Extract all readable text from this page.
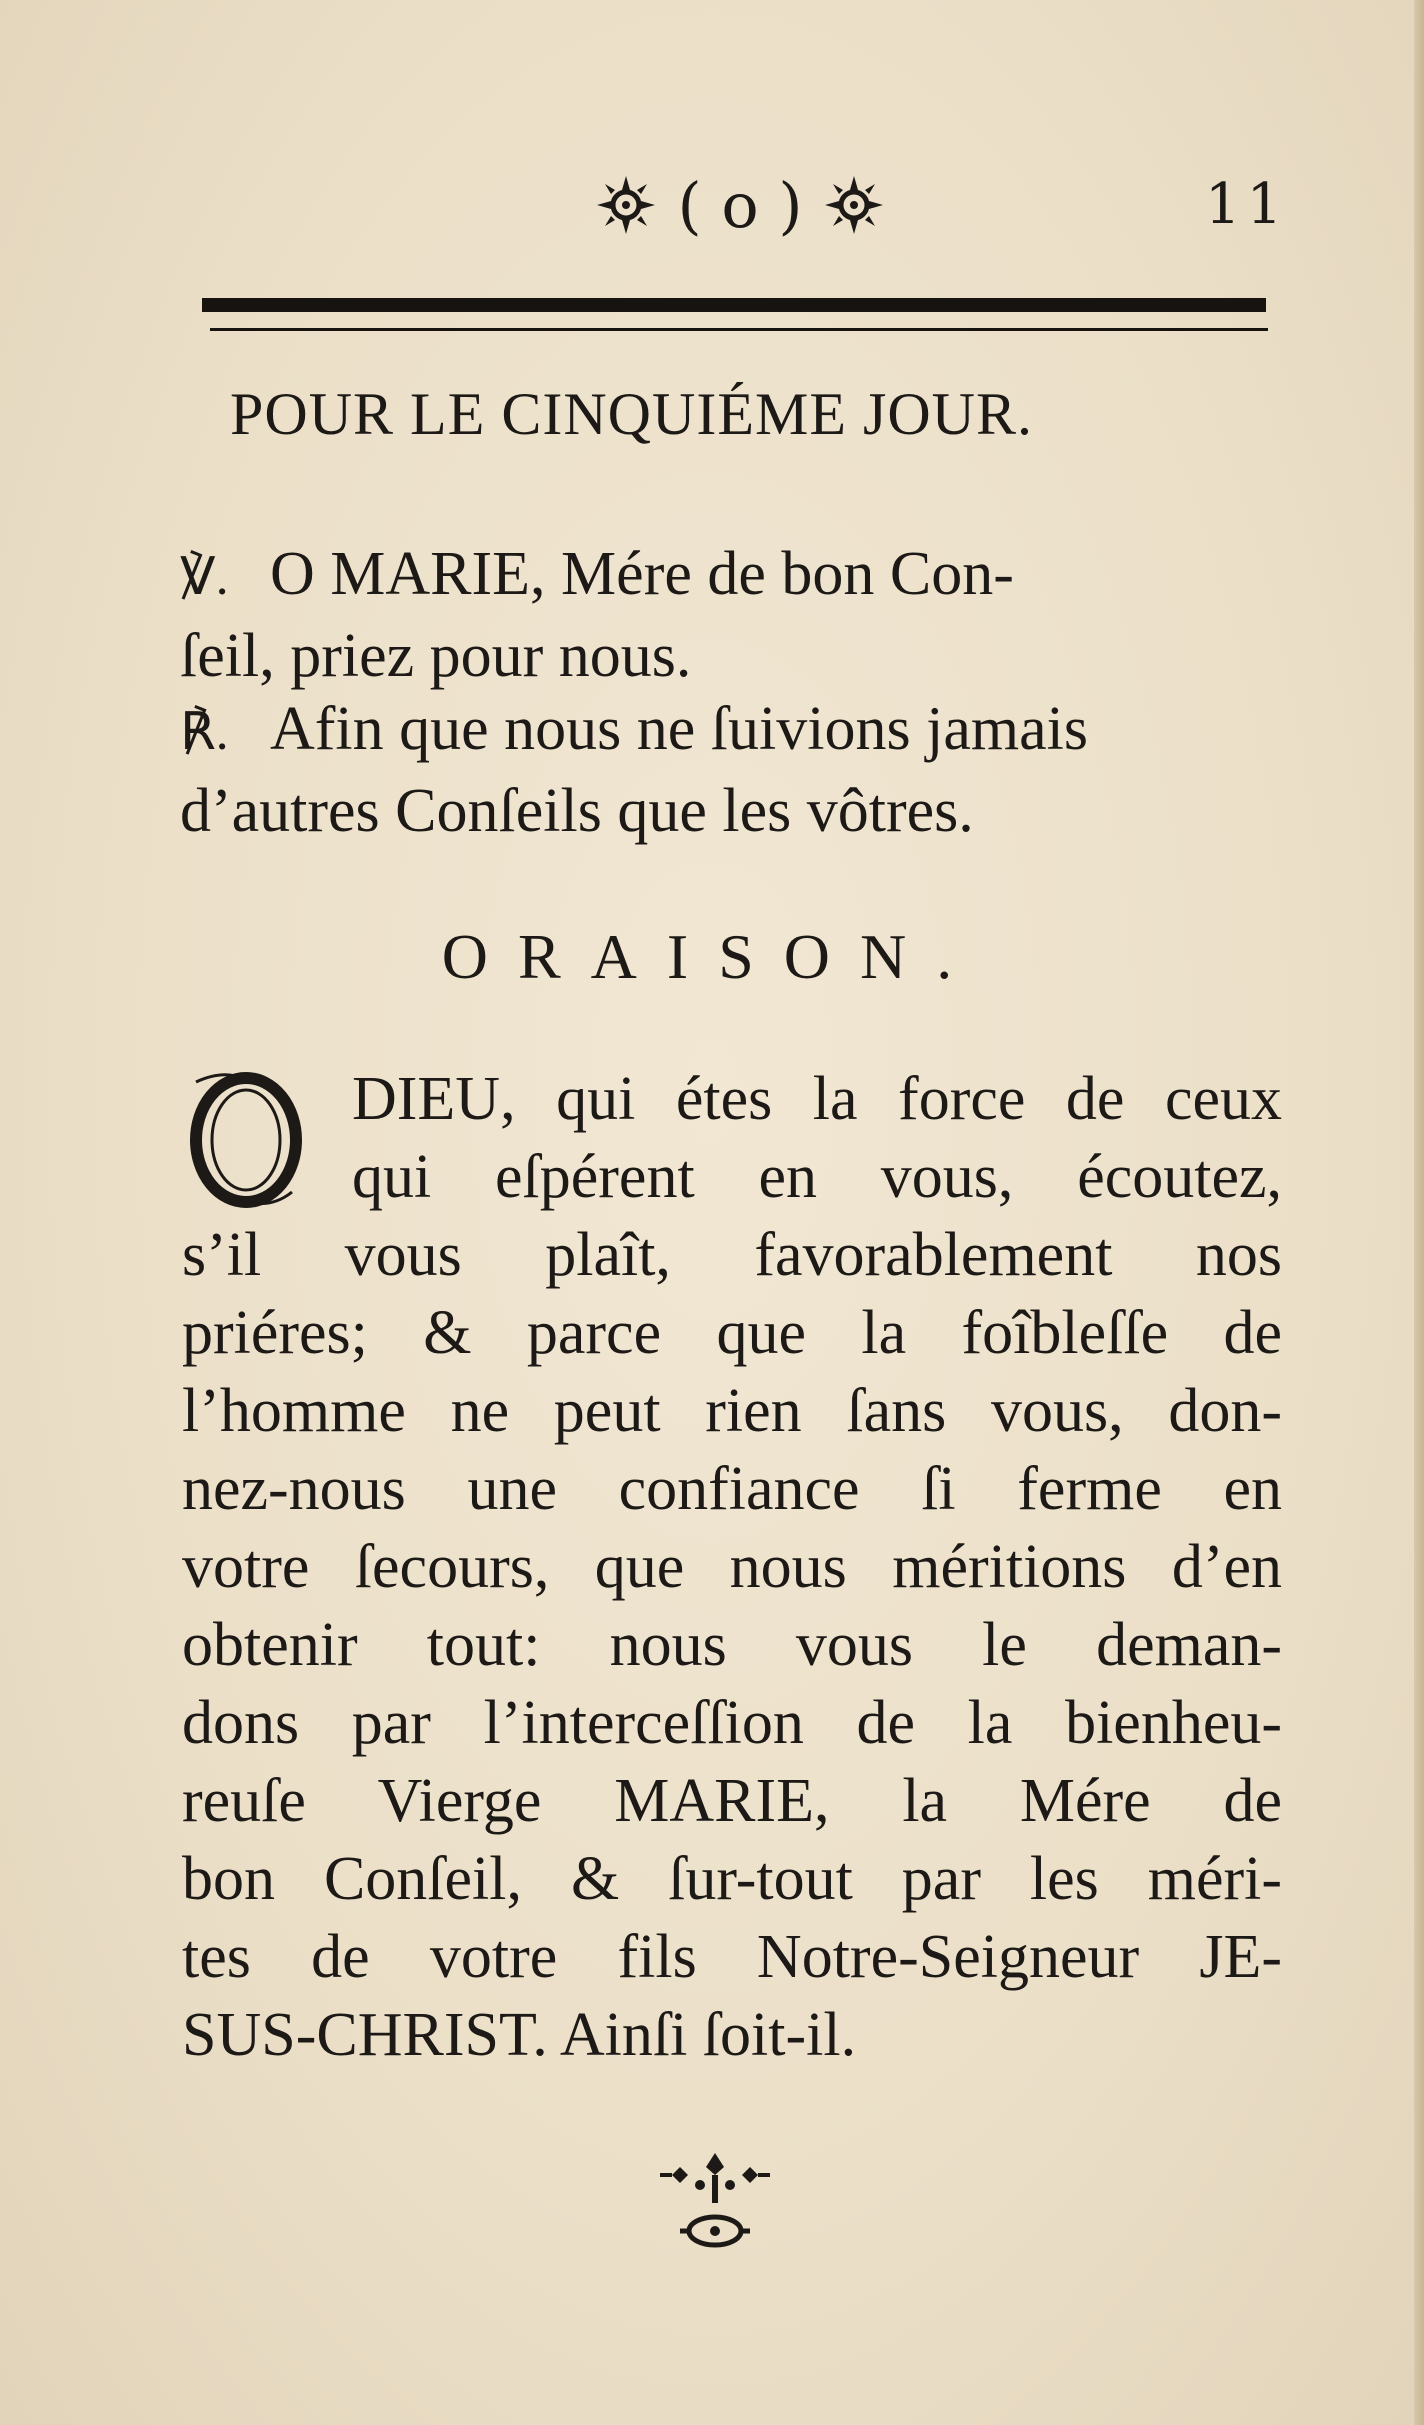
( o )	11
POUR LE CINQUIÉME JOUR.
℣. O MARIE, Mére de bon Con-
ſeil, priez pour nous.
℟. Afin que nous ne ſuivions jamais
d’autres Conſeils que les vôtres.
ORAISON.
DIEU, qui étes la force de ceux
qui eſpérent en vous, écoutez,
s’il vous plaît, favorablement nos
priéres; & parce que la foîbleſſe de
l’homme ne peut rien ſans vous, don-
nez-nous une confiance ſi ferme en
votre ſecours, que nous méritions d’en
obtenir tout: nous vous le deman-
dons par l’interceſſion de la bienheu-
reuſe Vierge MARIE, la Mére de
bon Conſeil, & ſur-tout par les méri-
tes de votre fils Notre-Seigneur JE-
SUS-CHRIST. Ainſi ſoit-il.
